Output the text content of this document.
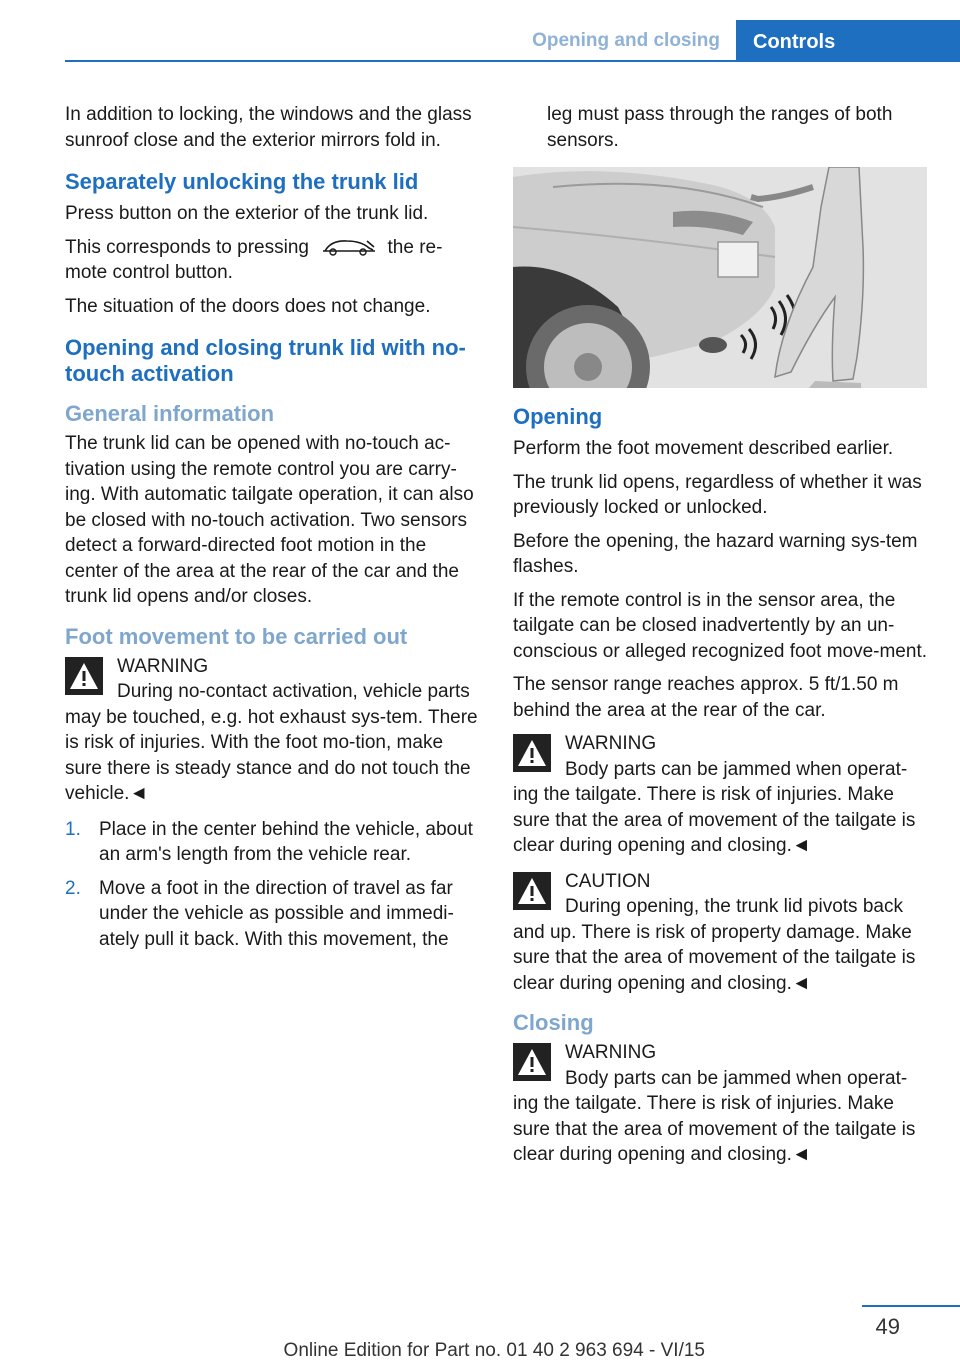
Opening and closing	Controls

In addition to locking, the windows and the glass sunroof close and the exterior mirrors fold in.

Separately unlocking the trunk lid

Press button on the exterior of the trunk lid.

This corresponds to pressing	the re-mote control button.

The situation of the doors does not change.

Opening and closing trunk lid with no-touch activation
General information

The trunk lid can be opened with no-touch ac-tivation using the remote control you are carry-ing. With automatic tailgate operation, it can also be closed with no-touch activation. Two sensors detect a forward-directed foot motion in the center of the area at the rear of the car and the trunk lid opens and/or closes.

Foot movement to be carried out
WARNING
During no-contact activation, vehicle parts may be touched, e.g. hot exhaust sys-tem. There is risk of injuries. With the foot mo-tion, make sure there is steady stance and do not touch the vehicle.◄
1. Place in the center behind the vehicle, about an arm's length from the vehicle rear.
2. Move a foot in the direction of travel as far under the vehicle as possible and immedi-ately pull it back. With this movement, the

leg must pass through the ranges of both sensors.

Opening

Perform the foot movement described earlier.

The trunk lid opens, regardless of whether it was previously locked or unlocked.

Before the opening, the hazard warning sys-tem flashes.

If the remote control is in the sensor area, the tailgate can be closed inadvertently by an un-conscious or alleged recognized foot move-ment.

The sensor range reaches approx. 5 ft/1.50 m behind the area at the rear of the car.

WARNING
Body parts can be jammed when operat-ing the tailgate. There is risk of injuries. Make sure that the area of movement of the tailgate is clear during opening and closing.◄
CAUTION
During opening, the trunk lid pivots back and up. There is risk of property damage. Make sure that the area of movement of the tailgate is clear during opening and closing.◄
Closing
WARNING
Body parts can be jammed when operat-ing the tailgate. There is risk of injuries. Make sure that the area of movement of the tailgate is clear during opening and closing.◄
49
Online Edition for Part no. 01 40 2 963 694 - VI/15
